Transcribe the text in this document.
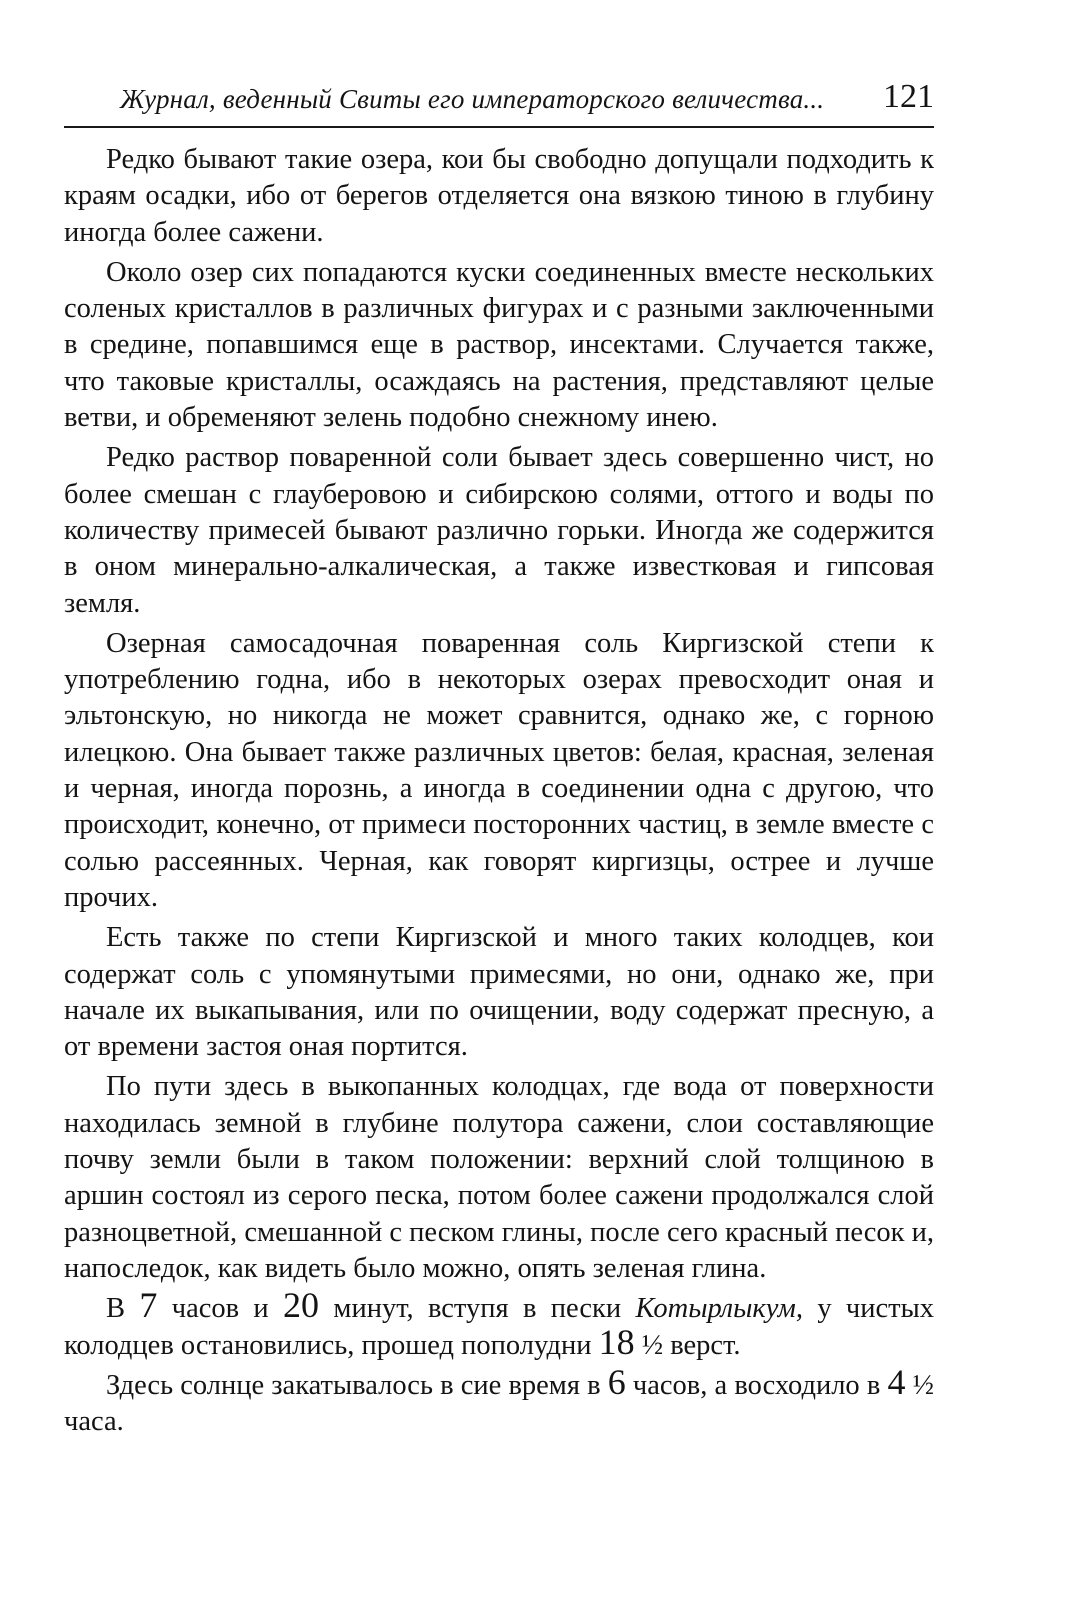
Журнал, веденный Свиты его императорского величества... 121

Редко бывают такие озера, кои бы свободно допущали подходить к краям осадки, ибо от берегов отделяется она вязкою тиною в глубину иногда более сажени.

Около озер сих попадаются куски соединенных вместе нескольких соленых кристаллов в различных фигурах и с разными заключенными в средине, попавшимся еще в раствор, инсектами. Случается также, что таковые кристаллы, осаждаясь на растения, представляют целые ветви, и обременяют зелень подобно снежному инею.

Редко раствор поваренной соли бывает здесь совершенно чист, но более смешан с глауберовою и сибирскою солями, оттого и воды по количеству примесей бывают различно горьки. Иногда же содержится в оном минерально-алкалическая, а также известковая и гипсовая земля.

Озерная самосадочная поваренная соль Киргизской степи к употреблению годна, ибо в некоторых озерах превосходит оная и эльтонскую, но никогда не может сравнится, однако же, с горною илецкою. Она бывает также различных цветов: белая, красная, зеленая и черная, иногда порознь, а иногда в соединении одна с другою, что происходит, конечно, от примеси посторонних частиц, в земле вместе с солью рассеянных. Черная, как говорят киргизцы, острее и лучше прочих.

Есть также по степи Киргизской и много таких колодцев, кои содержат соль с упомянутыми примесями, но они, однако же, при начале их выкапывания, или по очищении, воду содержат пресную, а от времени застоя оная портится.

По пути здесь в выкопанных колодцах, где вода от поверхности находилась земной в глубине полутора сажени, слои составляющие почву земли были в таком положении: верхний слой толщиною в аршин состоял из серого песка, потом более сажени продолжался слой разноцветной, смешанной с песком глины, после сего красный песок и, напоследок, как видеть было можно, опять зеленая глина.

В 7 часов и 20 минут, вступя в пески Котырлыкум, у чистых колодцев остановились, прошед пополудни 18 ½ верст.

Здесь солнце закатывалось в сие время в 6 часов, а восходило в 4 ½ часа.
